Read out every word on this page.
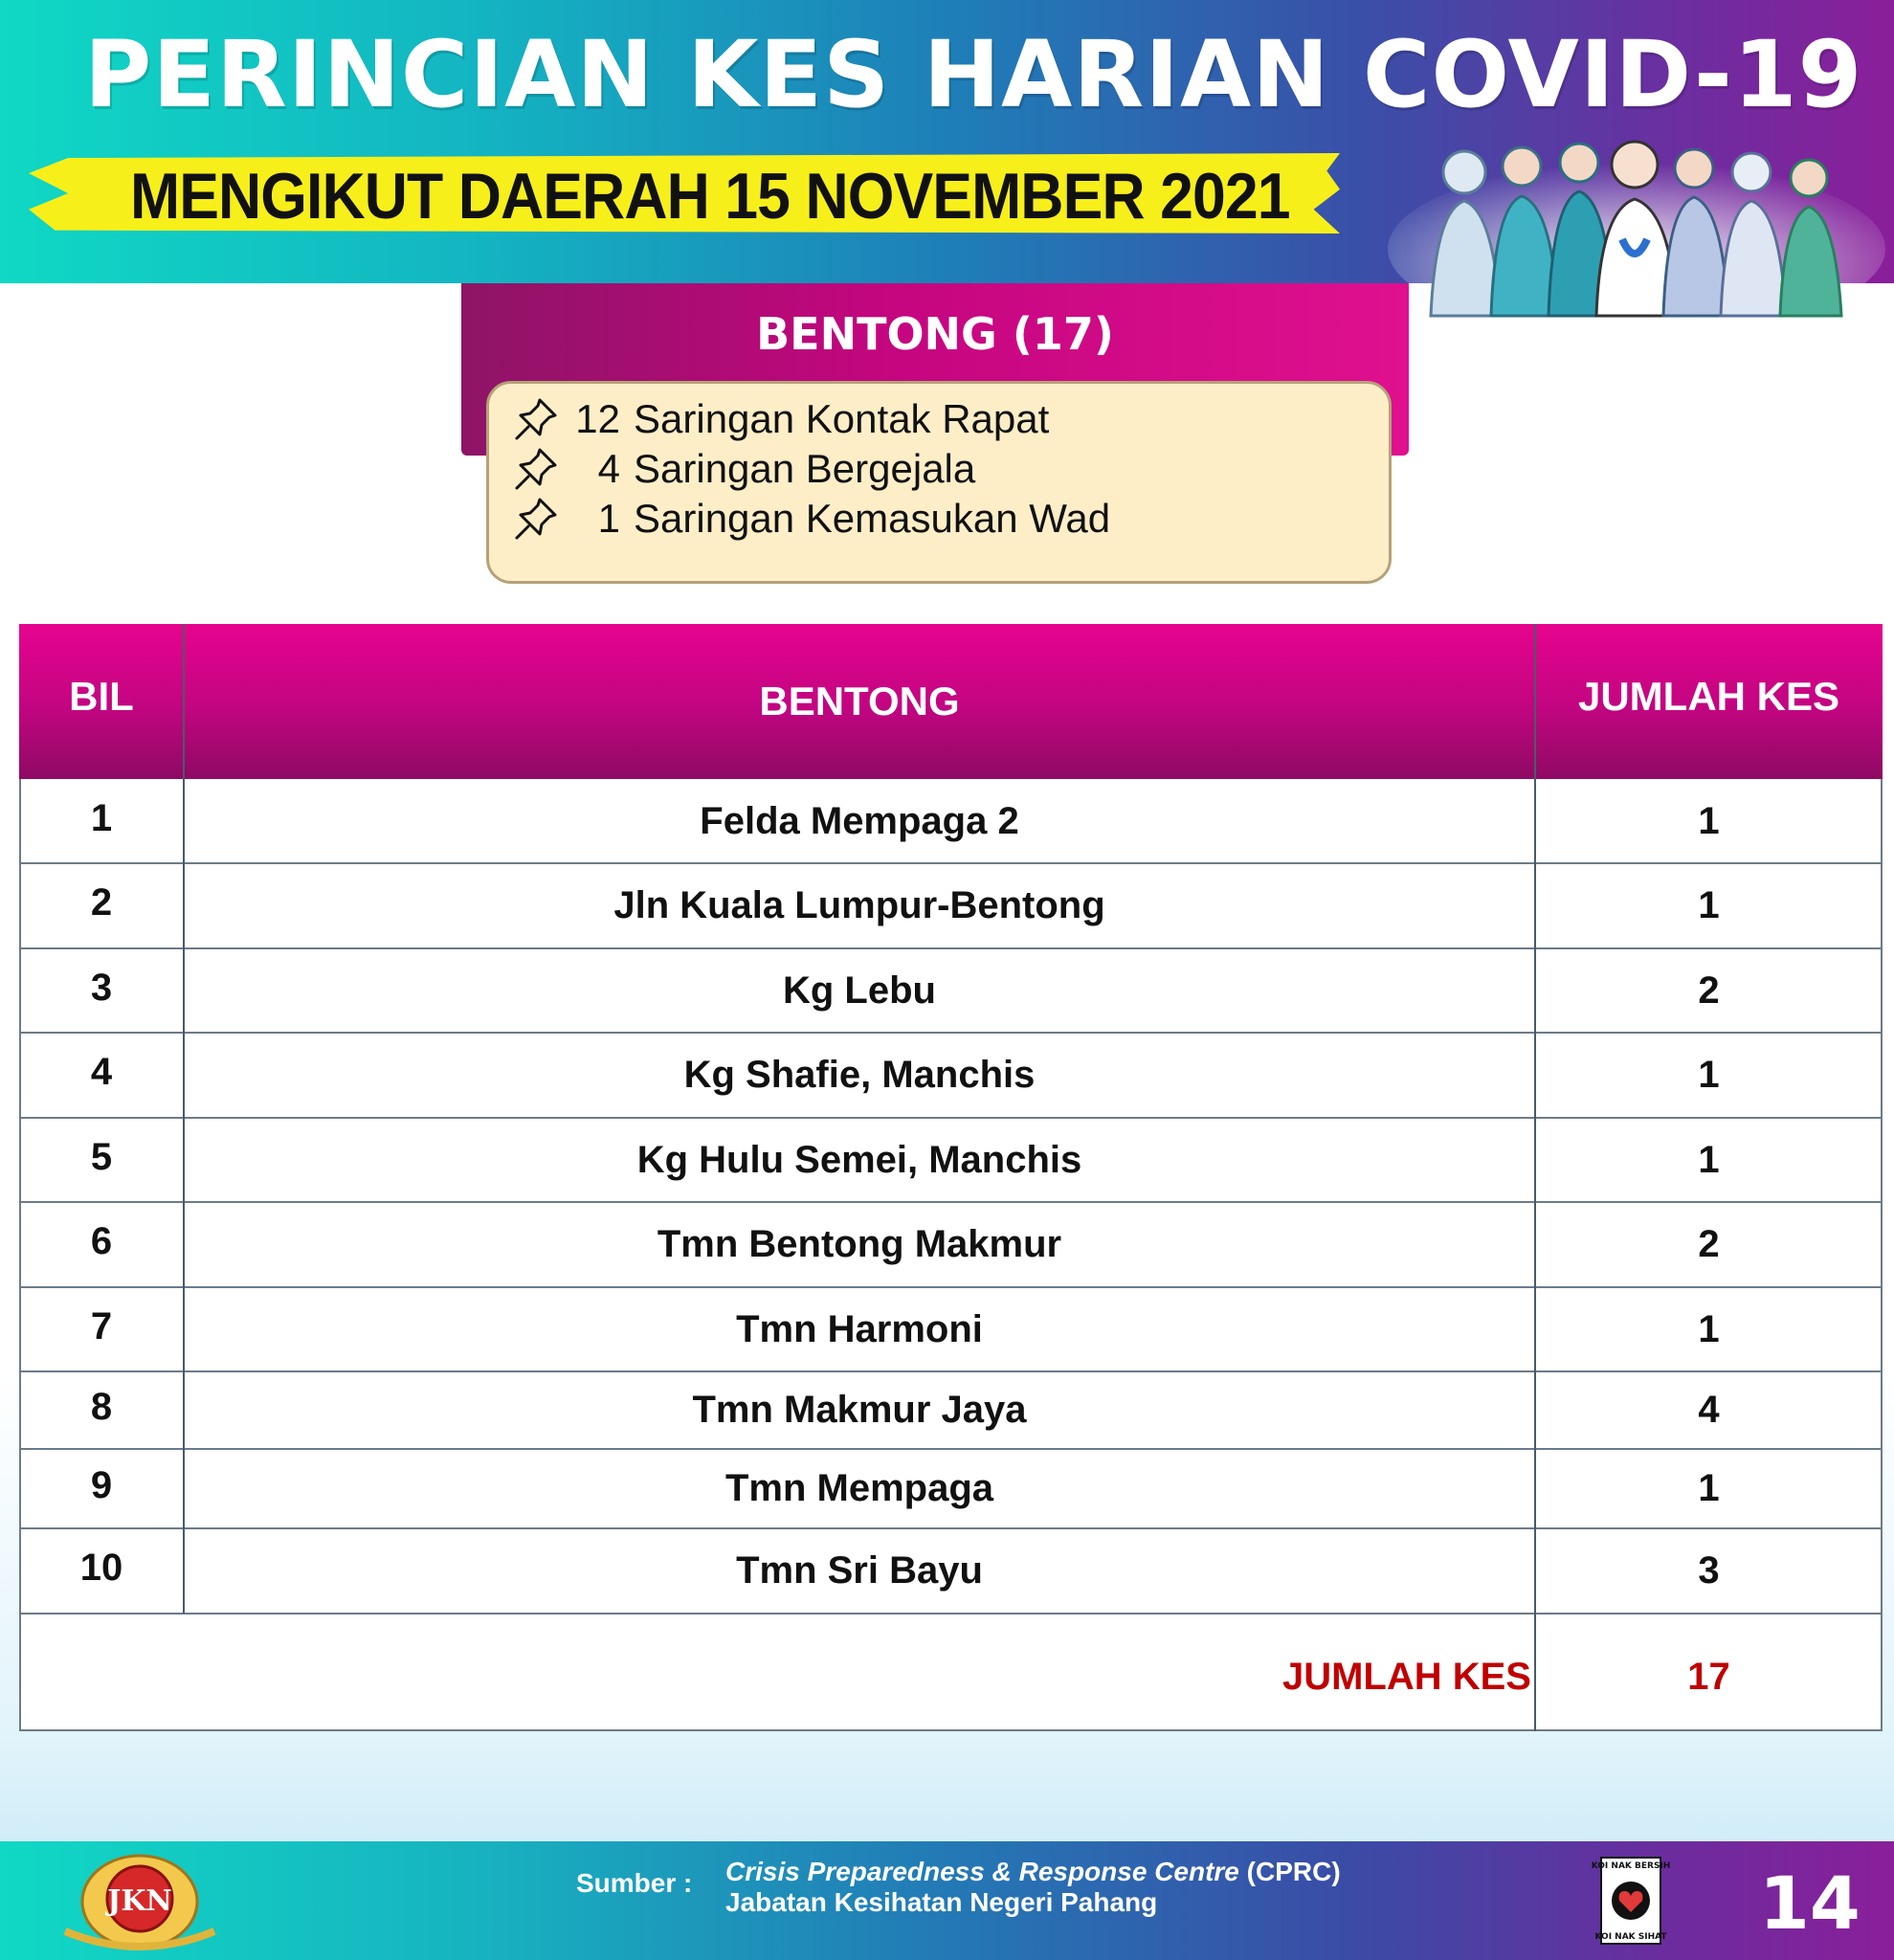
PERINCIAN KES HARIAN COVID-19
MENGIKUT DAERAH 15 NOVEMBER 2021
BENTONG (17)
12 Saringan Kontak Rapat
4 Saringan Bergejala
1 Saringan Kemasukan Wad
BIL	BENTONG	JUMLAH KES
1	Felda Mempaga 2	1
2	Jln Kuala Lumpur-Bentong	1
3	Kg Lebu	2
4	Kg Shafie, Manchis	1
5	Kg Hulu Semei, Manchis	1
6	Tmn Bentong Makmur	2
7	Tmn Harmoni	1
8	Tmn Makmur Jaya	4
9	Tmn Mempaga	1
10	Tmn Sri Bayu	3
JUMLAH KES	17
JKN
Sumber : Crisis Preparedness & Response Centre (CPRC)
Jabatan Kesihatan Negeri Pahang
KOI NAK BERSIH
KOI NAK SIHAT 14
